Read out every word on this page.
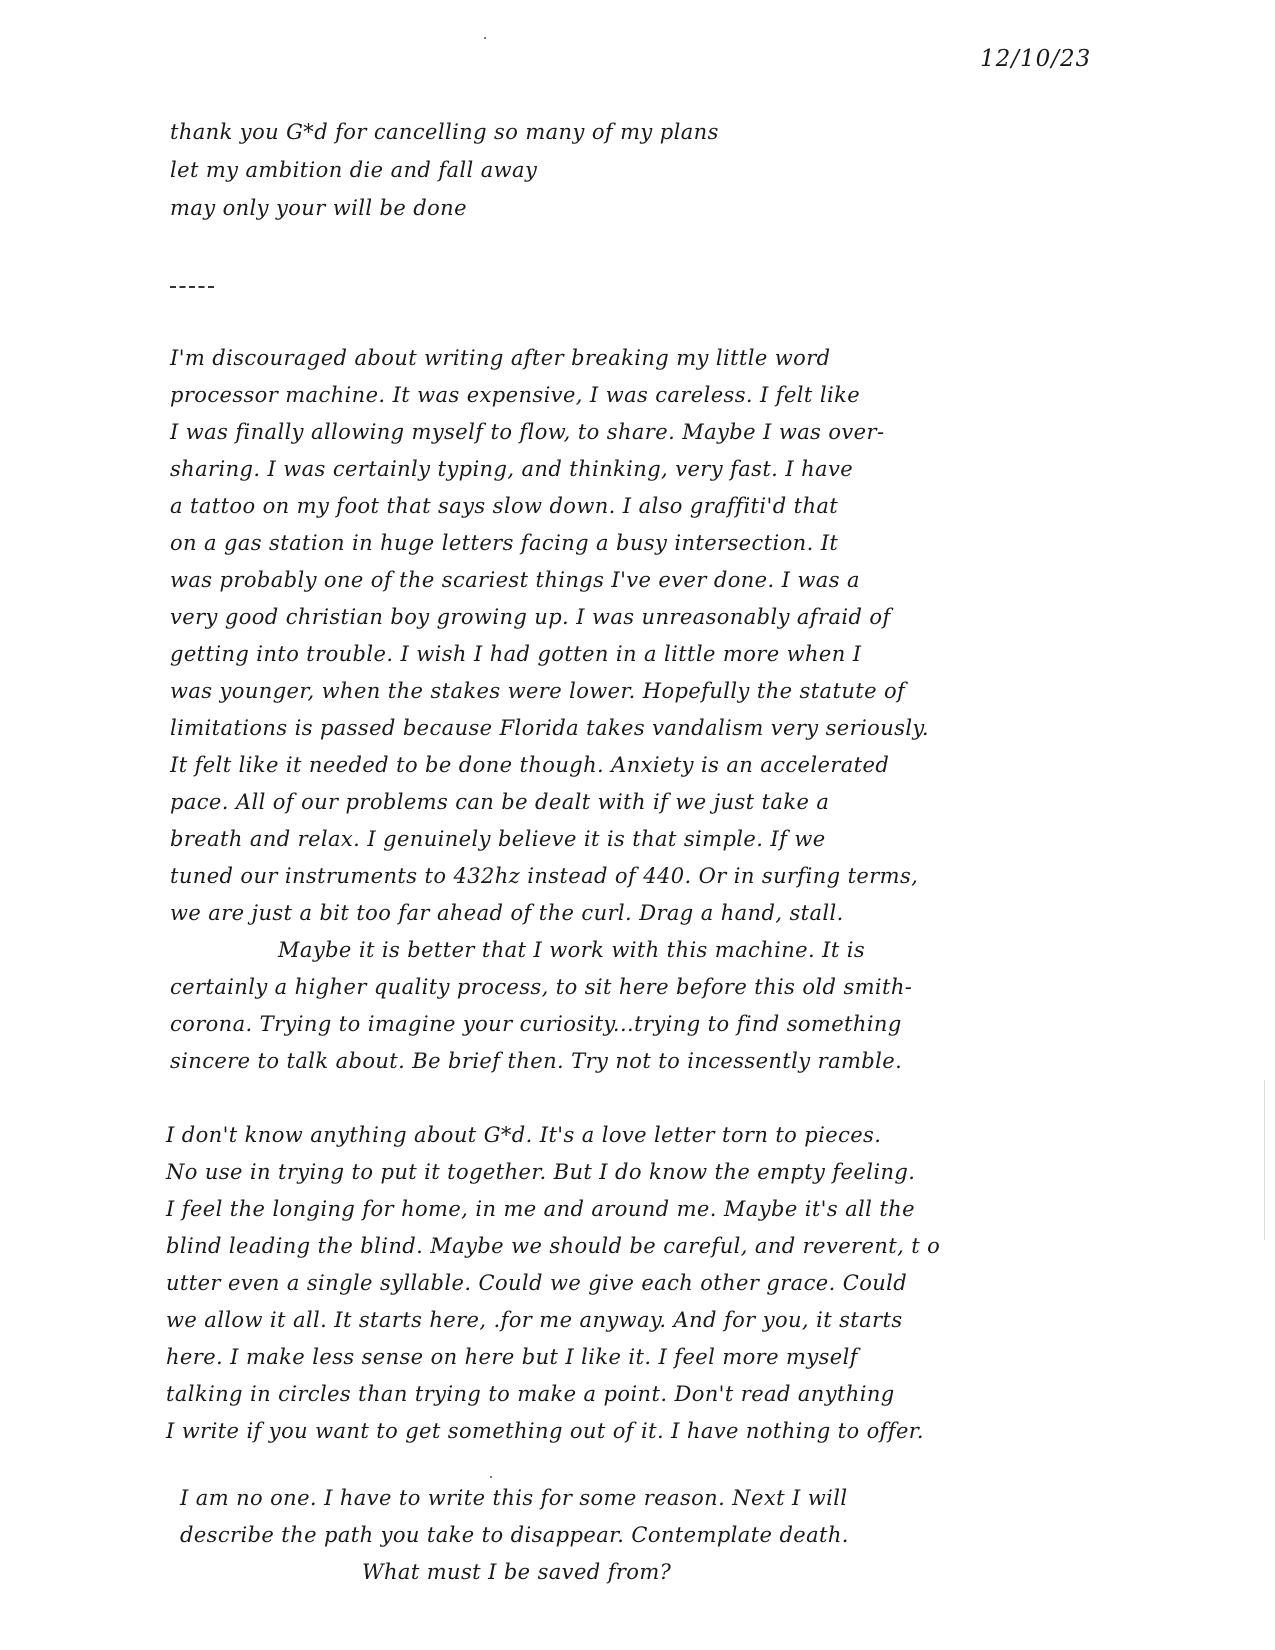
12/10/23
thank you G*d for cancelling so many of my plans
let my ambition die and fall away
may only your will be done
I'm discouraged about writing after breaking my little word
processor machine. It was expensive, I was careless. I felt like
I was finally allowing myself to flow, to share. Maybe I was over-
sharing. I was certainly typing, and thinking, very fast. I have
a tattoo on my foot that says slow down. I also graffiti'd that
on a gas station in huge letters facing a busy intersection. It
was probably one of the scariest things I've ever done. I was a
very good christian boy growing up. I was unreasonably afraid of
getting into trouble. I wish I had gotten in a little more when I
was younger, when the stakes were lower. Hopefully the statute of
limitations is passed because Florida takes vandalism very seriously.
It felt like it needed to be done though. Anxiety is an accelerated
pace. All of our problems can be dealt with if we just take a
breath and relax. I genuinely believe it is that simple. If we
tuned our instruments to 432hz instead of 440. Or in surfing terms,
we are just a bit too far ahead of the curl. Drag a hand, stall.
Maybe it is better that I work with this machine. It is
certainly a higher quality process, to sit here before this old smith-
corona. Trying to imagine your curiosity...trying to find something
sincere to talk about. Be brief then. Try not to incessently ramble.
I don't know anything about G*d. It's a love letter torn to pieces.
No use in trying to put it together. But I do know the empty feeling.
I feel the longing for home, in me and around me. Maybe it's all the
blind leading the blind. Maybe we should be careful, and reverent, t o
utter even a single syllable. Could we give each other grace. Could
we allow it all. It starts here, .for me anyway. And for you, it starts
here. I make less sense on here but I like it. I feel more myself
talking in circles than trying to make a point. Don't read anything
I write if you want to get something out of it. I have nothing to offer.
I am no one. I have to write this for some reason. Next I will
describe the path you take to disappear. Contemplate death.
What must I be saved from?
